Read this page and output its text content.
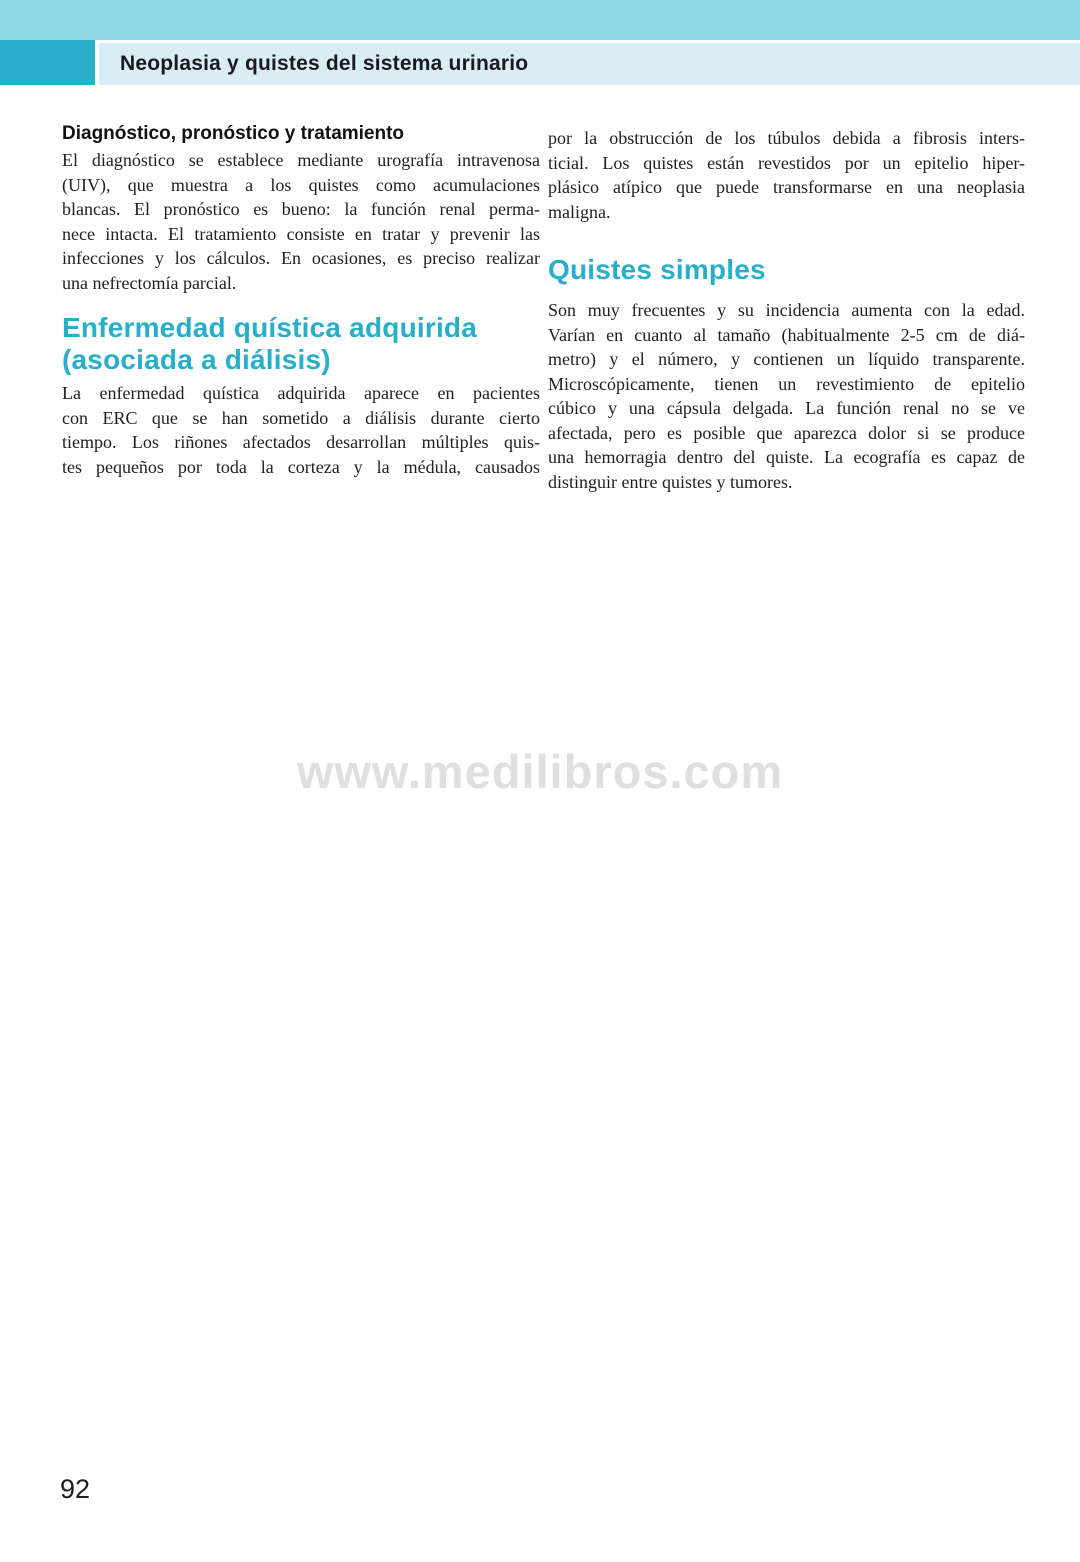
Neoplasia y quistes del sistema urinario
Diagnóstico, pronóstico y tratamiento
El diagnóstico se establece mediante urografía intravenosa
(UIV), que muestra a los quistes como acumulaciones
blancas. El pronóstico es bueno: la función renal perma-
nece intacta. El tratamiento consiste en tratar y prevenir las
infecciones y los cálculos. En ocasiones, es preciso realizar
una nefrectomía parcial.
Enfermedad quística adquirida
(asociada a diálisis)
La enfermedad quística adquirida aparece en pacientes
con ERC que se han sometido a diálisis durante cierto
tiempo. Los riñones afectados desarrollan múltiples quis-
tes pequeños por toda la corteza y la médula, causados
por la obstrucción de los túbulos debida a fibrosis inters-
ticial. Los quistes están revestidos por un epitelio hiper-
plásico atípico que puede transformarse en una neoplasia
maligna.
Quistes simples
Son muy frecuentes y su incidencia aumenta con la edad.
Varían en cuanto al tamaño (habitualmente 2-5 cm de diá-
metro) y el número, y contienen un líquido transparente.
Microscópicamente, tienen un revestimiento de epitelio
cúbico y una cápsula delgada. La función renal no se ve
afectada, pero es posible que aparezca dolor si se produce
una hemorragia dentro del quiste. La ecografía es capaz de
distinguir entre quistes y tumores.
www.medilibros.com
92
